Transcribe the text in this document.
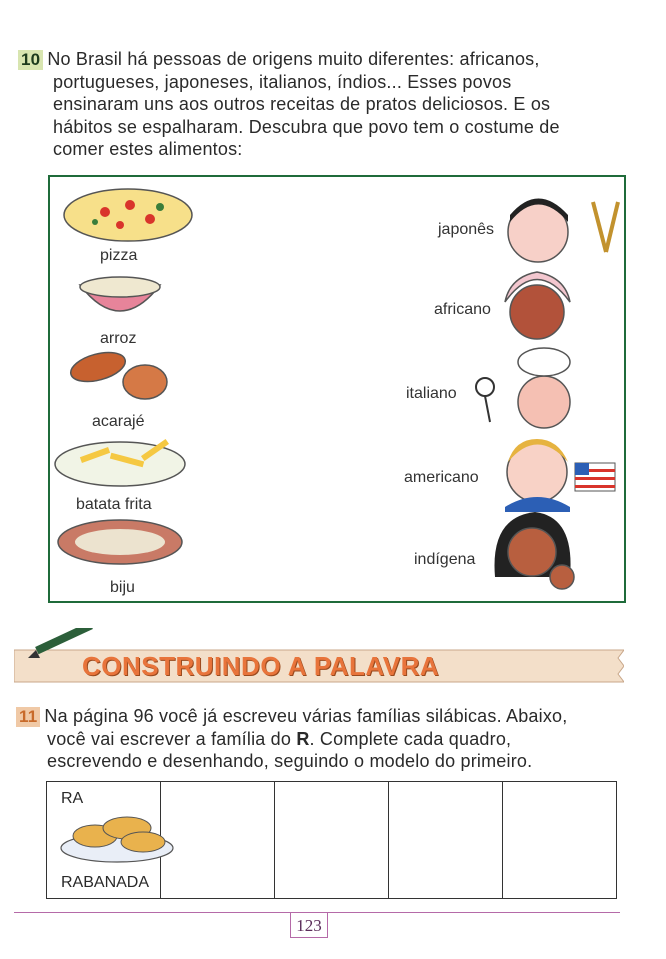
10 No Brasil há pessoas de origens muito diferentes: africanos,
portugueses, japoneses, italianos, índios... Esses povos
ensinaram uns aos outros receitas de pratos deliciosos. E os
hábitos se espalharam. Descubra que povo tem o costume de
comer estes alimentos:
pizza
arroz
acarajé
batata frita
biju
japonês
africano
italiano
americano
indígena
CONSTRUINDO A PALAVRA
11 Na página 96 você já escreveu várias famílias silábicas. Abaixo,
você vai escrever a família do R. Complete cada quadro,
escrevendo e desenhando, seguindo o modelo do primeiro.
RA
RABANADA
123
